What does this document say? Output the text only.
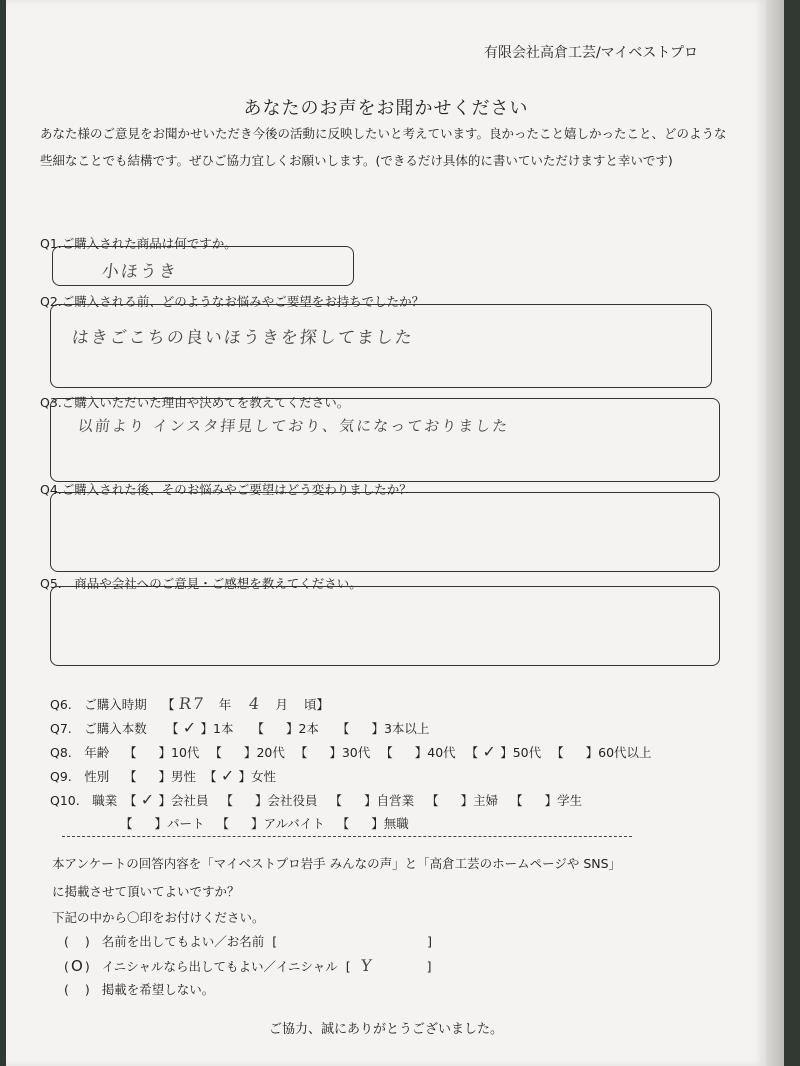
有限会社高倉工芸/マイベストプロ
あなたのお声をお聞かせください
あなた様のご意見をお聞かせいただき今後の活動に反映したいと考えています。良かったこと嬉しかったこと、どのような些細なことでも結構です。ぜひご協力宜しくお願いします。(できるだけ具体的に書いていただけますと幸いです)
Q1.ご購入された商品は何ですか。
小ほうき
Q2.ご購入される前、どのようなお悩みやご要望をお持ちでしたか？
はきごこちの良いほうきを探してました
Q3.ご購入いただいた理由や決めてを教えてください。
以前より インスタ拝見しており、気になっておりました
Q4.ご購入された後、そのお悩みやご要望はどう変わりましたか？
Q5.　商品や会社へのご意見・ご感想を教えてください。
Q6.　ご購入時期 【 R7 年 4 月 頃】
Q7.　ご購入本数 【 ✓ 】1本 【 】2本 【 】3本以上
Q8.　年齢 【 】10代 【 】20代 【 】30代 【 】40代 【 ✓ 】50代 【 】60代以上
Q9.　性別 【 】男性 【 ✓ 】女性
Q10.　職業 【 ✓ 】会社員 【 】会社役員 【 】自営業 【 】主婦 【 】学生
【 】パート 【 】アルバイト 【 】無職
本アンケートの回答内容を「マイベストプロ岩手 みんなの声」と「高倉工芸のホームページや SNS」
に掲載させて頂いてよいですか？
下記の中から〇印をお付けください。
( ) 名前を出してもよい／お名前 [	]
( O ) イニシャルなら出してもよい／イニシャル [ Y	]
( ) 掲載を希望しない。
ご協力、誠にありがとうございました。
